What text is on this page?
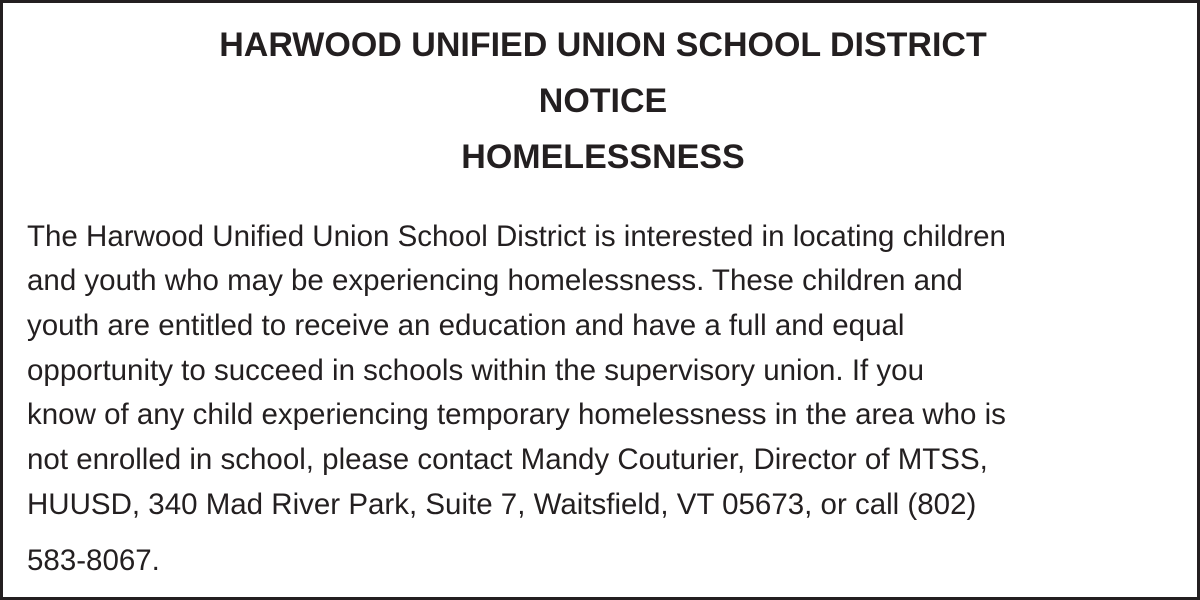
HARWOOD UNIFIED UNION SCHOOL DISTRICT
NOTICE
HOMELESSNESS
The Harwood Unified Union School District is interested in locating children
and youth who may be experiencing homelessness. These children and
youth are entitled to receive an education and have a full and equal
opportunity to succeed in schools within the supervisory union. If you
know of any child experiencing temporary homelessness in the area who is
not enrolled in school, please contact Mandy Couturier, Director of MTSS,
HUUSD, 340 Mad River Park, Suite 7, Waitsfield, VT 05673, or call (802)
583-8067.
